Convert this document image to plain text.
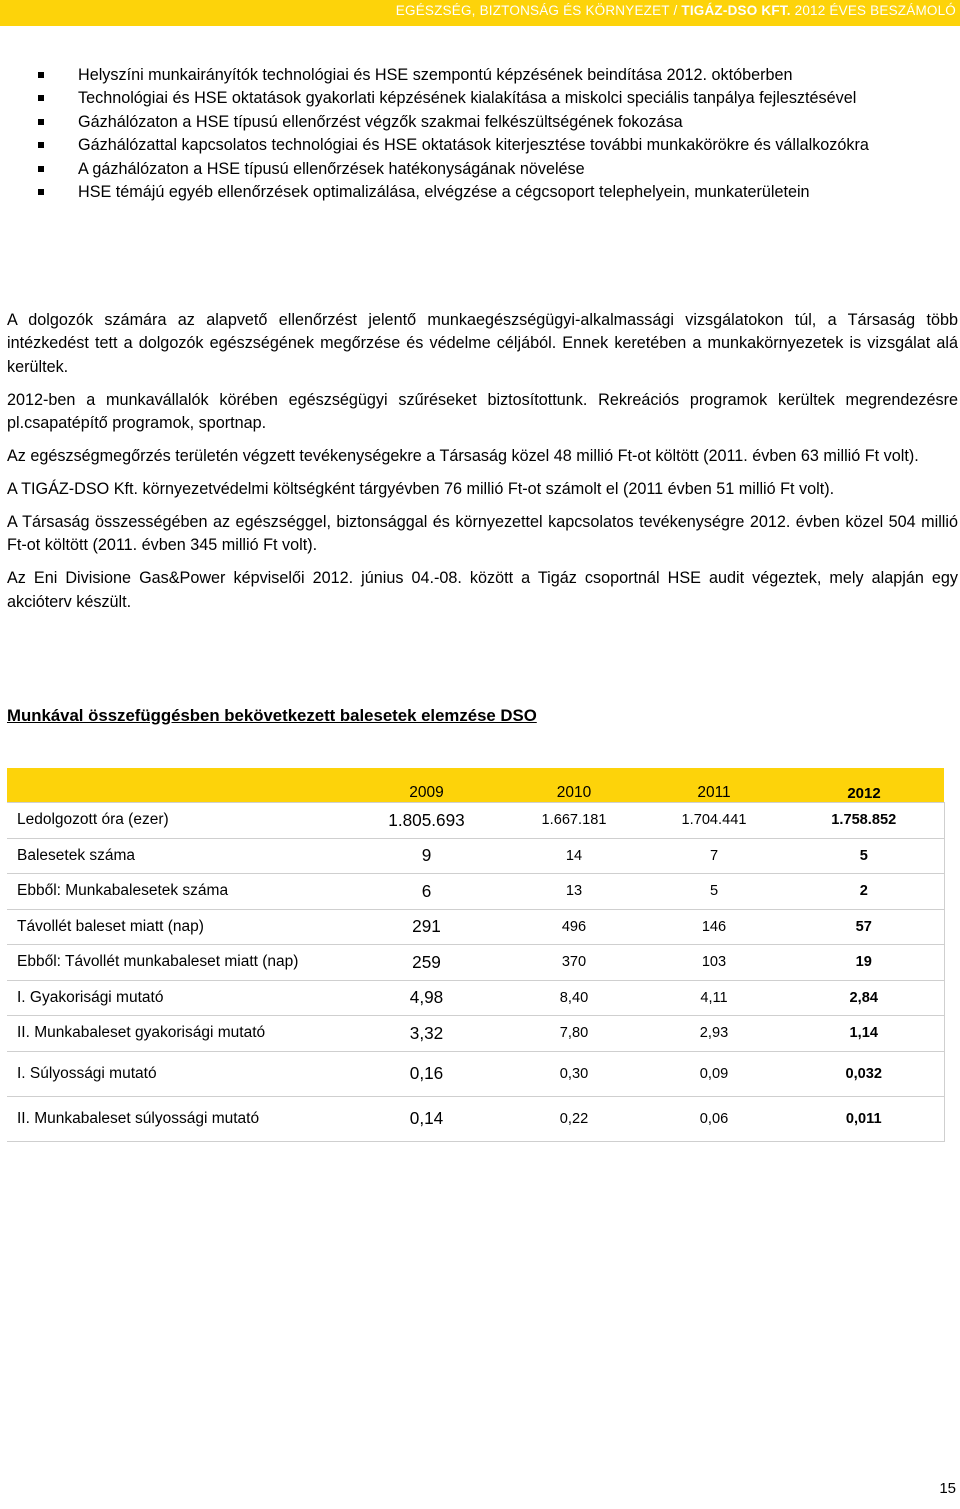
EGÉSZSÉG, BIZTONSÁG ÉS KÖRNYEZET / TIGÁZ-DSO KFT. 2012 ÉVES BESZÁMOLÓ
Helyszíni munkairányítók technológiai és HSE szempontú képzésének beindítása 2012. októberben
Technológiai és HSE oktatások gyakorlati képzésének kialakítása a miskolci speciális tanpálya fejlesztésével
Gázhálózaton a HSE típusú ellenőrzést végzők szakmai felkészültségének fokozása
Gázhálózattal kapcsolatos technológiai és HSE oktatások kiterjesztése további munkakörökre és vállalkozókra
A gázhálózaton a HSE típusú ellenőrzések hatékonyságának növelése
HSE témájú egyéb ellenőrzések optimalizálása, elvégzése a cégcsoport telephelyein, munkaterületein

A dolgozók számára az alapvető ellenőrzést jelentő munkaegészségügyi-alkalmassági vizsgálatokon túl, a Társaság több intézkedést tett a dolgozók egészségének megőrzése és védelme céljából. Ennek keretében a munkakörnyezetek is vizsgálat alá kerültek.

2012-ben a munkavállalók körében egészségügyi szűréseket biztosítottunk. Rekreációs programok kerültek megrendezésre pl.csapatépítő programok, sportnap.

Az egészségmegőrzés területén végzett tevékenységekre a Társaság közel 48 millió Ft-ot költött (2011. évben 63 millió Ft volt).

A TIGÁZ-DSO Kft. környezetvédelmi költségként tárgyévben 76 millió Ft-ot számolt el (2011 évben 51 millió Ft volt).

A Társaság összességében az egészséggel, biztonsággal és környezettel kapcsolatos tevékenységre 2012. évben közel 504 millió Ft-ot költött (2011. évben 345 millió Ft volt).

Az Eni Divisione Gas&Power képviselői 2012. június 04.-08. között a Tigáz csoportnál HSE audit végeztek, mely alapján egy akcióterv készült.

Munkával összefüggésben bekövetkezett balesetek elemzése DSO
	2009	2010	2011	2012
Ledolgozott óra (ezer)	1.805.693	1.667.181	1.704.441	1.758.852
Balesetek száma	9	14	7	5
Ebből: Munkabalesetek száma	6	13	5	2
Távollét baleset miatt (nap)	291	496	146	57
Ebből: Távollét munkabaleset miatt (nap)	259	370	103	19
I. Gyakorisági mutató	4,98	8,40	4,11	2,84
II. Munkabaleset gyakorisági mutató	3,32	7,80	2,93	1,14
I. Súlyossági mutató	0,16	0,30	0,09	0,032
II. Munkabaleset súlyossági mutató	0,14	0,22	0,06	0,011
15
